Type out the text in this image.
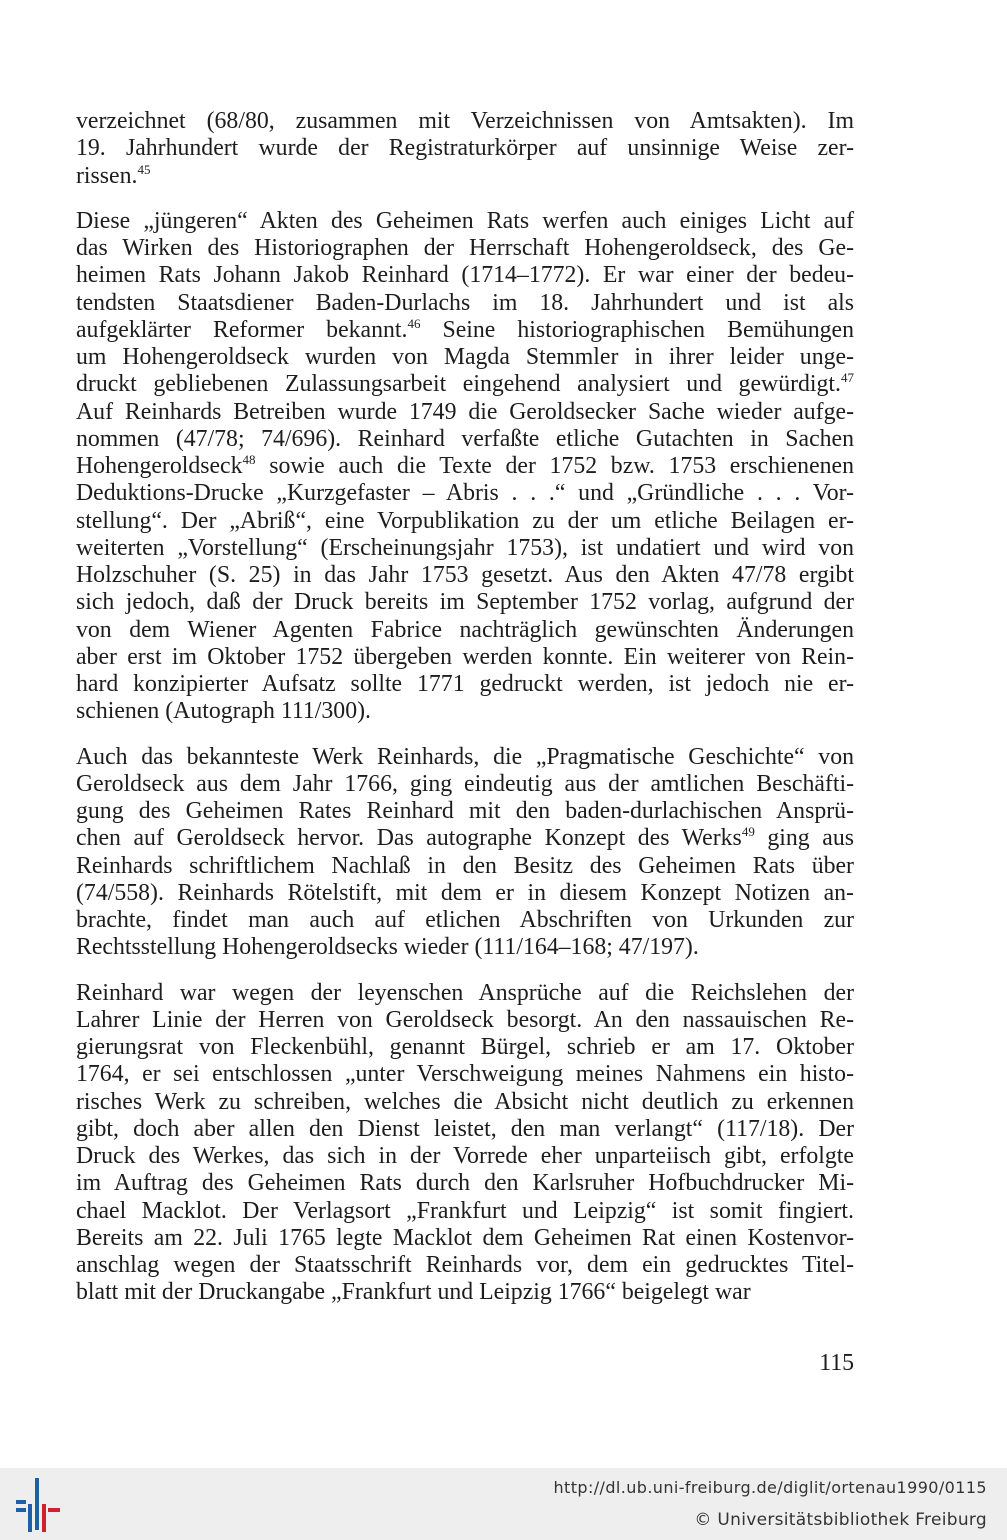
verzeichnet (68/80, zusammen mit Verzeichnissen von Amtsakten). Im
19. Jahrhundert wurde der Registraturkörper auf unsinnige Weise zer-
rissen.$^{45}$

Diese „jüngeren“ Akten des Geheimen Rats werfen auch einiges Licht auf
das Wirken des Historiographen der Herrschaft Hohengeroldseck, des Ge-
heimen Rats Johann Jakob Reinhard (1714–1772). Er war einer der bedeu-
tendsten Staatsdiener Baden-Durlachs im 18. Jahrhundert und ist als
aufgeklärter Reformer bekannt.$^{46}$ Seine historiographischen Bemühungen
um Hohengeroldseck wurden von Magda Stemmler in ihrer leider unge-
druckt gebliebenen Zulassungsarbeit eingehend analysiert und gewürdigt.$^{47}$
Auf Reinhards Betreiben wurde 1749 die Geroldsecker Sache wieder aufge-
nommen (47/78; 74/696). Reinhard verfaßte etliche Gutachten in Sachen
Hohengeroldseck$^{48}$ sowie auch die Texte der 1752 bzw. 1753 erschienenen
Deduktions-Drucke „Kurzgefaster – Abris . . .“ und „Gründliche . . . Vor-
stellung“. Der „Abriß“, eine Vorpublikation zu der um etliche Beilagen er-
weiterten „Vorstellung“ (Erscheinungsjahr 1753), ist undatiert und wird von
Holzschuher (S. 25) in das Jahr 1753 gesetzt. Aus den Akten 47/78 ergibt
sich jedoch, daß der Druck bereits im September 1752 vorlag, aufgrund der
von dem Wiener Agenten Fabrice nachträglich gewünschten Änderungen
aber erst im Oktober 1752 übergeben werden konnte. Ein weiterer von Rein-
hard konzipierter Aufsatz sollte 1771 gedruckt werden, ist jedoch nie er-
schienen (Autograph 111/300).

Auch das bekannteste Werk Reinhards, die „Pragmatische Geschichte“ von
Geroldseck aus dem Jahr 1766, ging eindeutig aus der amtlichen Beschäfti-
gung des Geheimen Rates Reinhard mit den baden-durlachischen Ansprü-
chen auf Geroldseck hervor. Das autographe Konzept des Werks$^{49}$ ging aus
Reinhards schriftlichem Nachlaß in den Besitz des Geheimen Rats über
(74/558). Reinhards Rötelstift, mit dem er in diesem Konzept Notizen an-
brachte, findet man auch auf etlichen Abschriften von Urkunden zur
Rechtsstellung Hohengeroldsecks wieder (111/164–168; 47/197).

Reinhard war wegen der leyenschen Ansprüche auf die Reichslehen der
Lahrer Linie der Herren von Geroldseck besorgt. An den nassauischen Re-
gierungsrat von Fleckenbühl, genannt Bürgel, schrieb er am 17. Oktober
1764, er sei entschlossen „unter Verschweigung meines Nahmens ein histo-
risches Werk zu schreiben, welches die Absicht nicht deutlich zu erkennen
gibt, doch aber allen den Dienst leistet, den man verlangt“ (117/18). Der
Druck des Werkes, das sich in der Vorrede eher unparteiisch gibt, erfolgte
im Auftrag des Geheimen Rats durch den Karlsruher Hofbuchdrucker Mi-
chael Macklot. Der Verlagsort „Frankfurt und Leipzig“ ist somit fingiert.
Bereits am 22. Juli 1765 legte Macklot dem Geheimen Rat einen Kostenvor-
anschlag wegen der Staatsschrift Reinhards vor, dem ein gedrucktes Titel-
blatt mit der Druckangabe „Frankfurt und Leipzig 1766“ beigelegt war

115
http://dl.ub.uni-freiburg.de/diglit/ortenau1990/0115
© Universitätsbibliothek Freiburg
